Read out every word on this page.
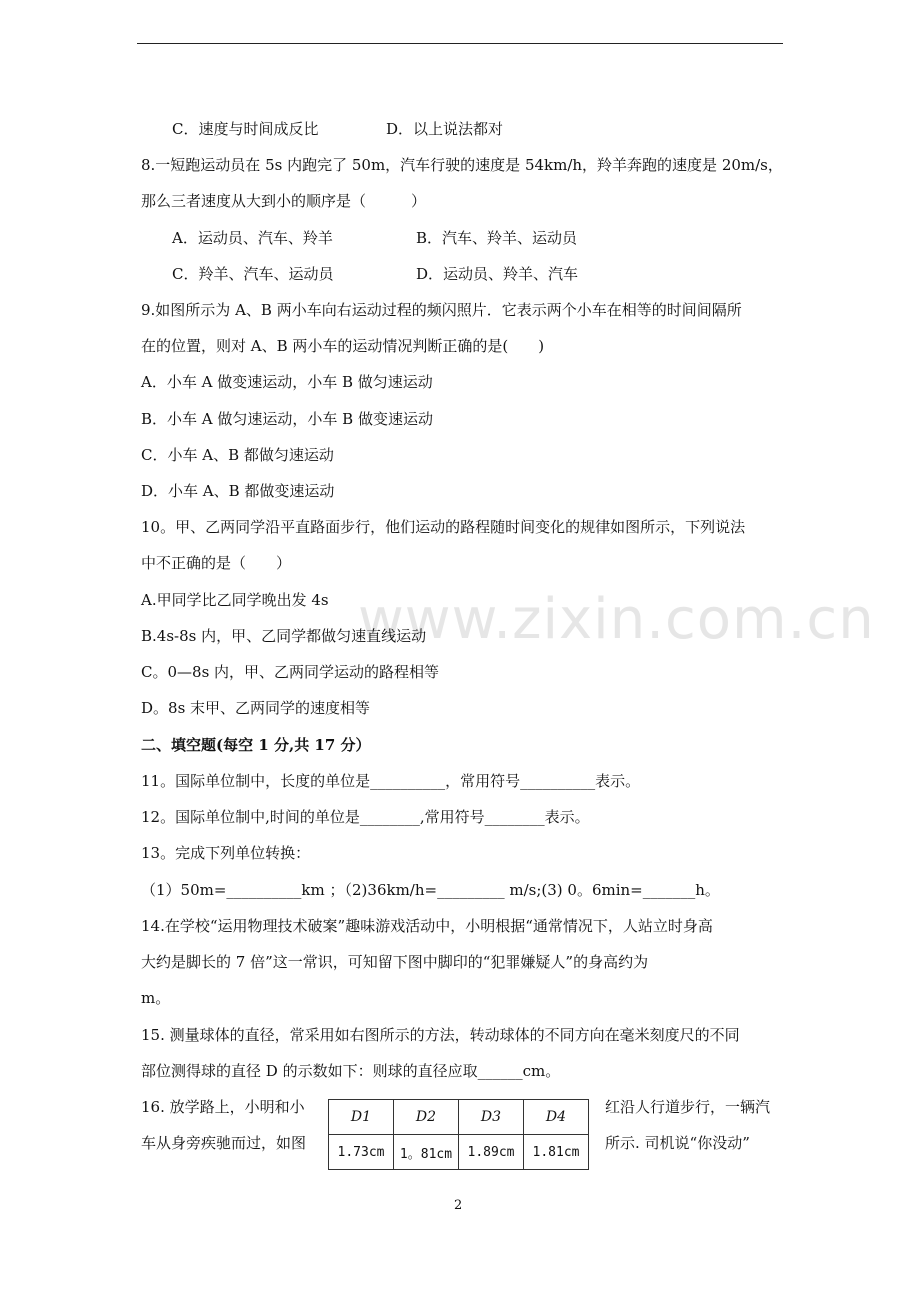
www.zixin.com.cn
C．速度与时间成反比	D．以上说法都对
8.一短跑运动员在 5s 内跑完了 50m，汽车行驶的速度是 54km/h，羚羊奔跑的速度是 20m/s，
那么三者速度从大到小的顺序是（　　　）
A．运动员、汽车、羚羊	B．汽车、羚羊、运动员
C．羚羊、汽车、运动员	D．运动员、羚羊、汽车
9.如图所示为 A、B 两小车向右运动过程的频闪照片．它表示两个小车在相等的时间间隔所
在的位置，则对 A、B 两小车的运动情况判断正确的是(　　)
A．小车 A 做变速运动，小车 B 做匀速运动
B．小车 A 做匀速运动，小车 B 做变速运动
C．小车 A、B 都做匀速运动
D．小车 A、B 都做变速运动
10。甲、乙两同学沿平直路面步行，他们运动的路程随时间变化的规律如图所示，下列说法
中不正确的是（　　）
A.甲同学比乙同学晚出发 4s
B.4s-8s 内，甲、乙同学都做匀速直线运动
C。0—8s 内，甲、乙两同学运动的路程相等
D。8s 末甲、乙两同学的速度相等
二、填空题(每空 1 分,共 17 分）
11。国际单位制中，长度的单位是__________，常用符号__________表示。
12。国际单位制中,时间的单位是________,常用符号________表示。
13。完成下列单位转换：
（1）50m=__________km ；（2)36km/h=_________ m/s;(3) 0。6min=_______h。
14.在学校“运用物理技术破案”趣味游戏活动中，小明根据“通常情况下，人站立时身高
大约是脚长的 7 倍”这一常识，可知留下图中脚印的“犯罪嫌疑人”的身高约为
m。
15. 测量球体的直径，常采用如右图所示的方法，转动球体的不同方向在毫米刻度尺的不同
部位测得球的直径 D 的示数如下：则球的直径应取______cm。
16. 放学路上，小明和小
车从身旁疾驰而过，如图
红沿人行道步行，一辆汽
所示. 司机说“你没动”
D1	D2	D3	D4
1.73cm	1。81cm	1.89cm	1.81cm
2
